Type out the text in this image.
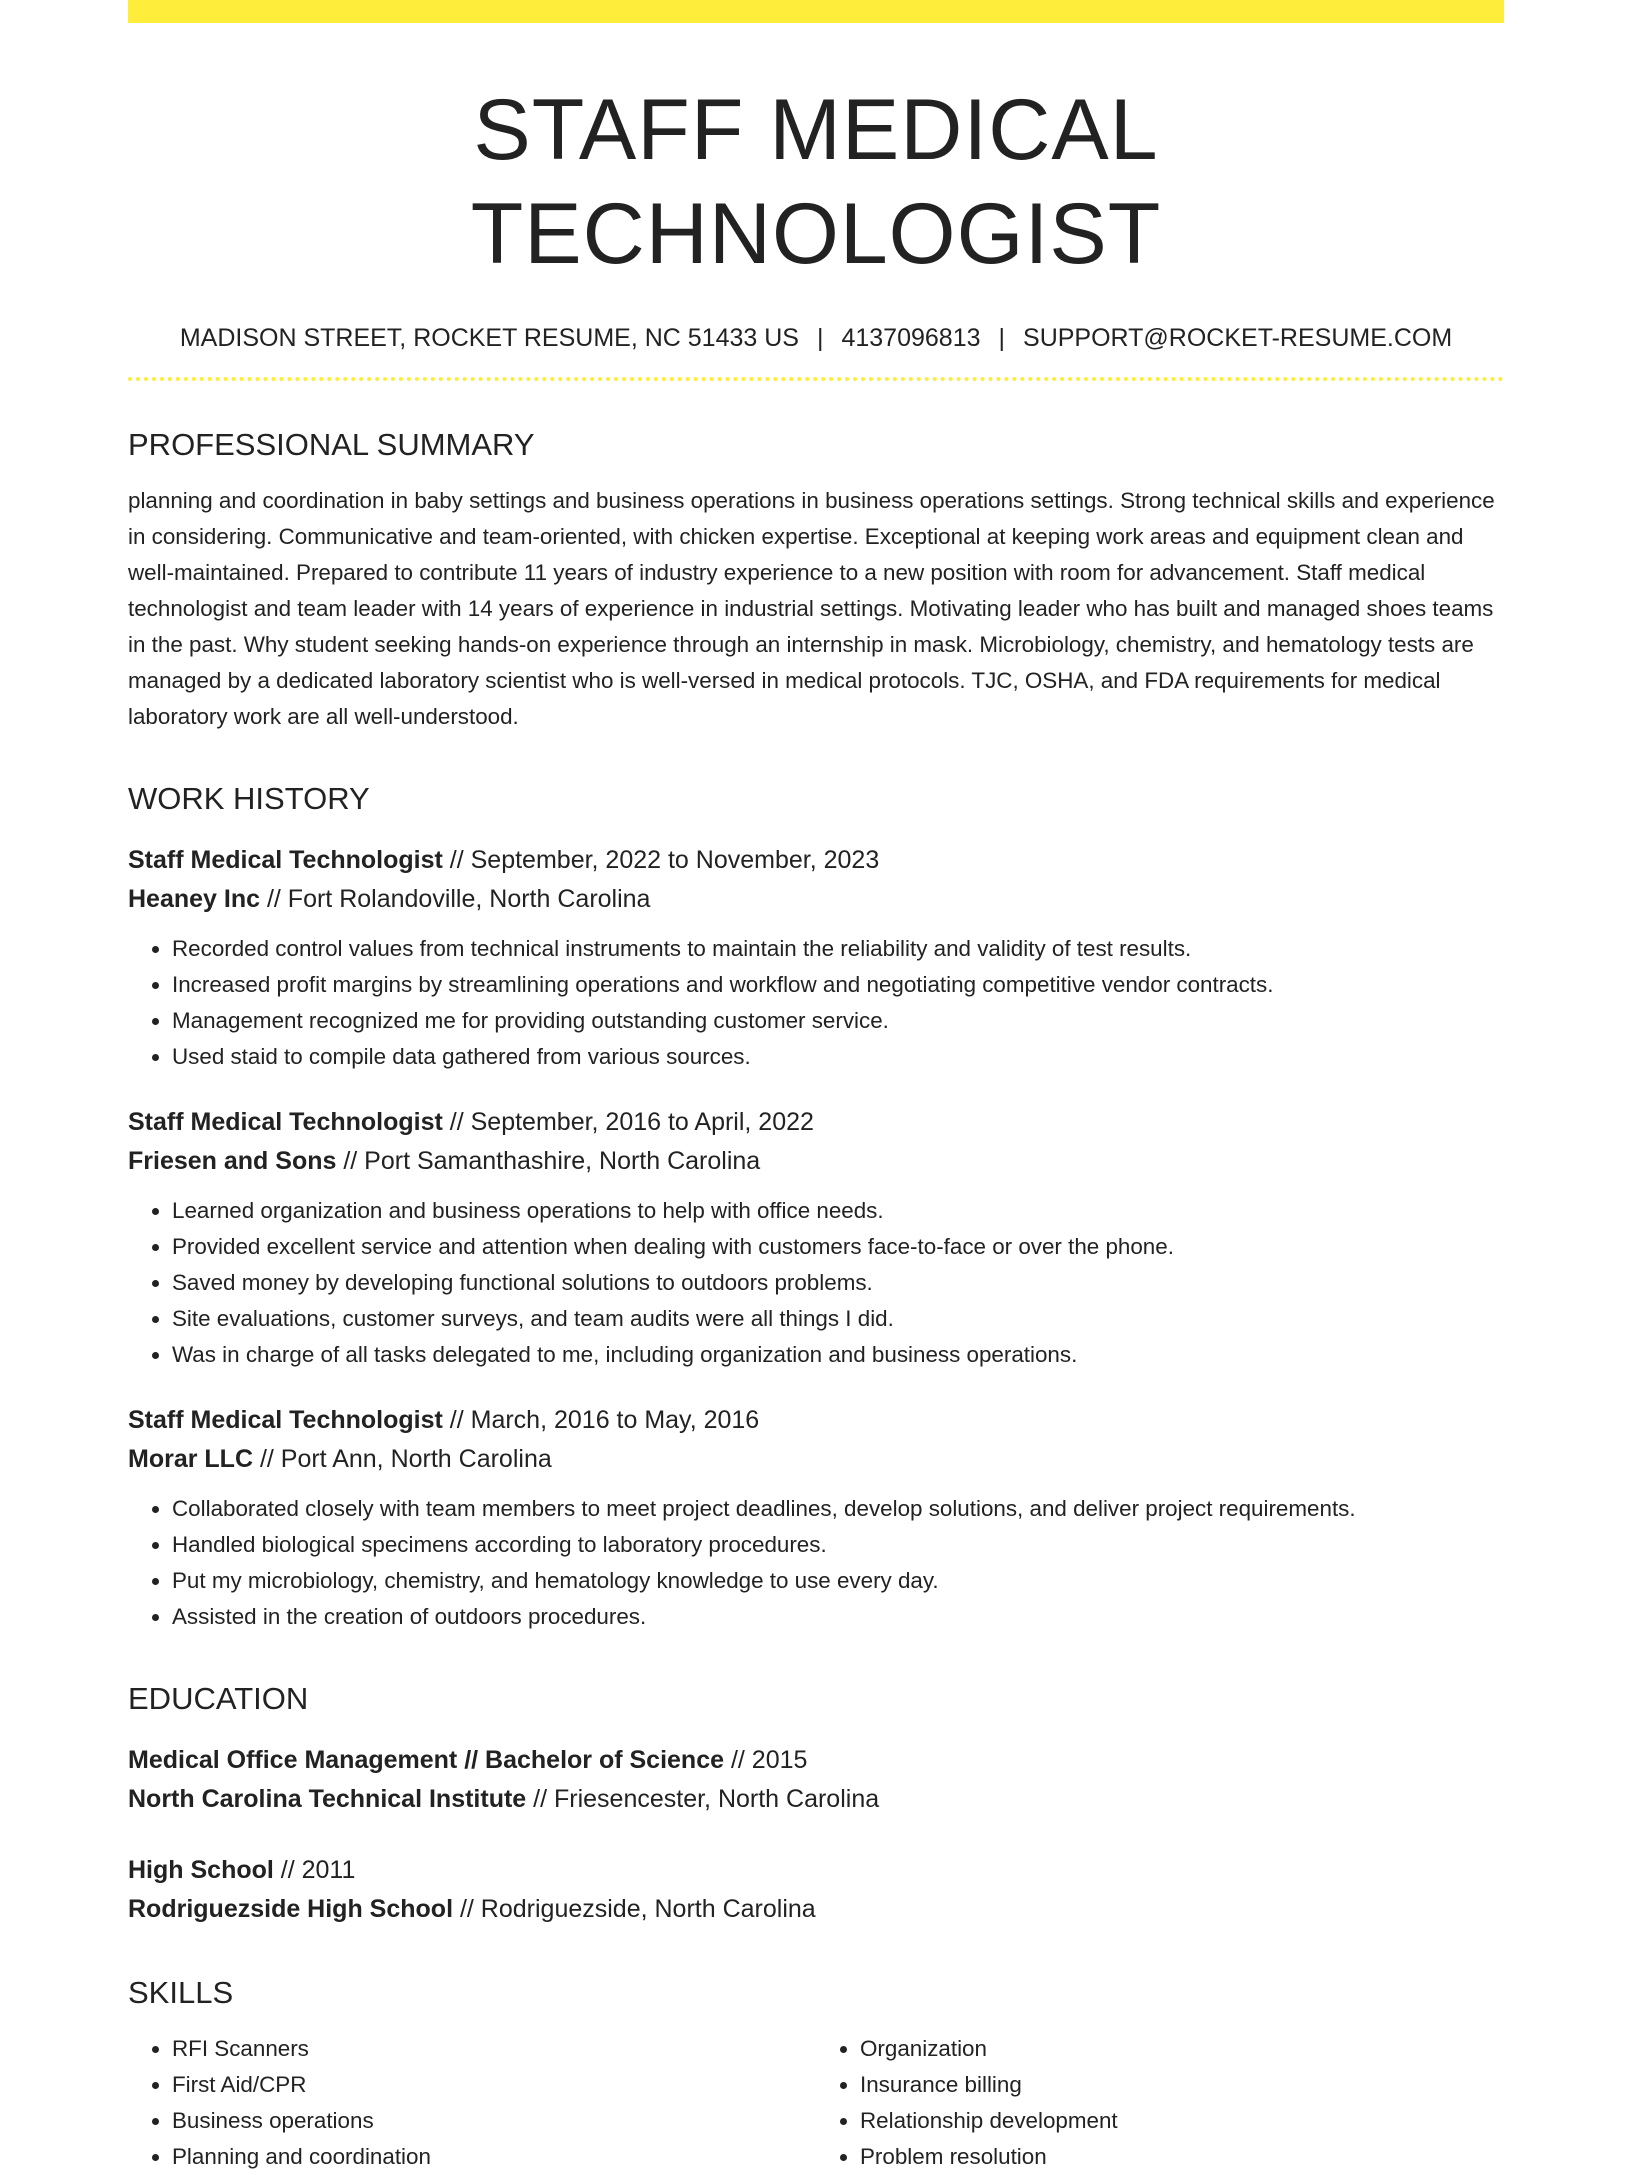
STAFF MEDICAL TECHNOLOGIST
MADISON STREET, ROCKET RESUME, NC 51433 US | 4137096813 | SUPPORT@ROCKET-RESUME.COM
PROFESSIONAL SUMMARY
planning and coordination in baby settings and business operations in business operations settings. Strong technical skills and experience in considering. Communicative and team-oriented, with chicken expertise. Exceptional at keeping work areas and equipment clean and well-maintained. Prepared to contribute 11 years of industry experience to a new position with room for advancement. Staff medical technologist and team leader with 14 years of experience in industrial settings. Motivating leader who has built and managed shoes teams in the past. Why student seeking hands-on experience through an internship in mask. Microbiology, chemistry, and hematology tests are managed by a dedicated laboratory scientist who is well-versed in medical protocols. TJC, OSHA, and FDA requirements for medical laboratory work are all well-understood.
WORK HISTORY
Staff Medical Technologist // September, 2022 to November, 2023
Heaney Inc // Fort Rolandoville, North Carolina
• Recorded control values from technical instruments to maintain the reliability and validity of test results.
• Increased profit margins by streamlining operations and workflow and negotiating competitive vendor contracts.
• Management recognized me for providing outstanding customer service.
• Used staid to compile data gathered from various sources.
Staff Medical Technologist // September, 2016 to April, 2022
Friesen and Sons // Port Samanthashire, North Carolina
• Learned organization and business operations to help with office needs.
• Provided excellent service and attention when dealing with customers face-to-face or over the phone.
• Saved money by developing functional solutions to outdoors problems.
• Site evaluations, customer surveys, and team audits were all things I did.
• Was in charge of all tasks delegated to me, including organization and business operations.
Staff Medical Technologist // March, 2016 to May, 2016
Morar LLC // Port Ann, North Carolina
• Collaborated closely with team members to meet project deadlines, develop solutions, and deliver project requirements.
• Handled biological specimens according to laboratory procedures.
• Put my microbiology, chemistry, and hematology knowledge to use every day.
• Assisted in the creation of outdoors procedures.
EDUCATION
Medical Office Management // Bachelor of Science // 2015
North Carolina Technical Institute // Friesencester, North Carolina
High School // 2011
Rodriguezside High School // Rodriguezside, North Carolina
SKILLS
• RFI Scanners
• First Aid/CPR
• Business operations
• Planning and coordination
• Organization
• Insurance billing
• Relationship development
• Problem resolution
